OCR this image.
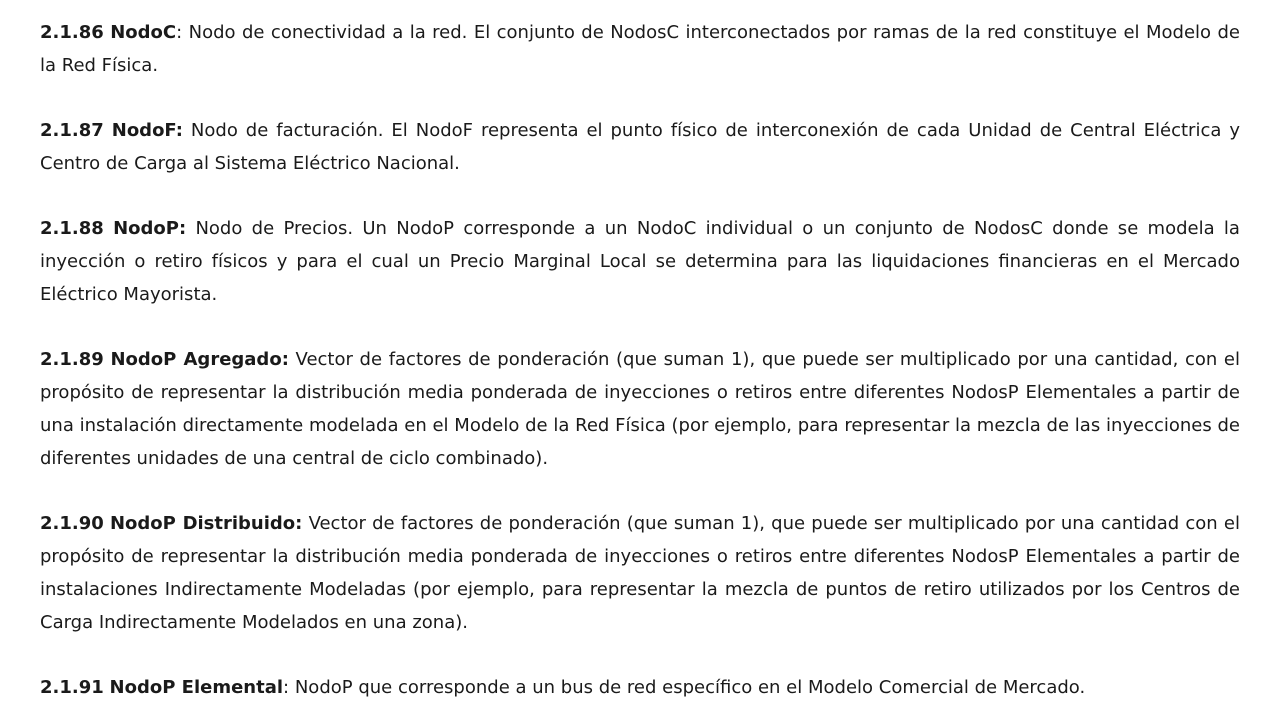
2.1.86 NodoC: Nodo de conectividad a la red. El conjunto de NodosC interconectados por ramas de la red constituye el Modelo de la Red Física.

2.1.87 NodoF: Nodo de facturación. El NodoF representa el punto físico de interconexión de cada Unidad de Central Eléctrica y Centro de Carga al Sistema Eléctrico Nacional.

2.1.88 NodoP: Nodo de Precios. Un NodoP corresponde a un NodoC individual o un conjunto de NodosC donde se modela la inyección o retiro físicos y para el cual un Precio Marginal Local se determina para las liquidaciones financieras en el Mercado Eléctrico Mayorista.

2.1.89 NodoP Agregado: Vector de factores de ponderación (que suman 1), que puede ser multiplicado por una cantidad, con el propósito de representar la distribución media ponderada de inyecciones o retiros entre diferentes NodosP Elementales a partir de una instalación directamente modelada en el Modelo de la Red Física (por ejemplo, para representar la mezcla de las inyecciones de diferentes unidades de una central de ciclo combinado).

2.1.90 NodoP Distribuido: Vector de factores de ponderación (que suman 1), que puede ser multiplicado por una cantidad con el propósito de representar la distribución media ponderada de inyecciones o retiros entre diferentes NodosP Elementales a partir de instalaciones Indirectamente Modeladas (por ejemplo, para representar la mezcla de puntos de retiro utilizados por los Centros de Carga Indirectamente Modelados en una zona).

2.1.91 NodoP Elemental: NodoP que corresponde a un bus de red específico en el Modelo Comercial de Mercado.
